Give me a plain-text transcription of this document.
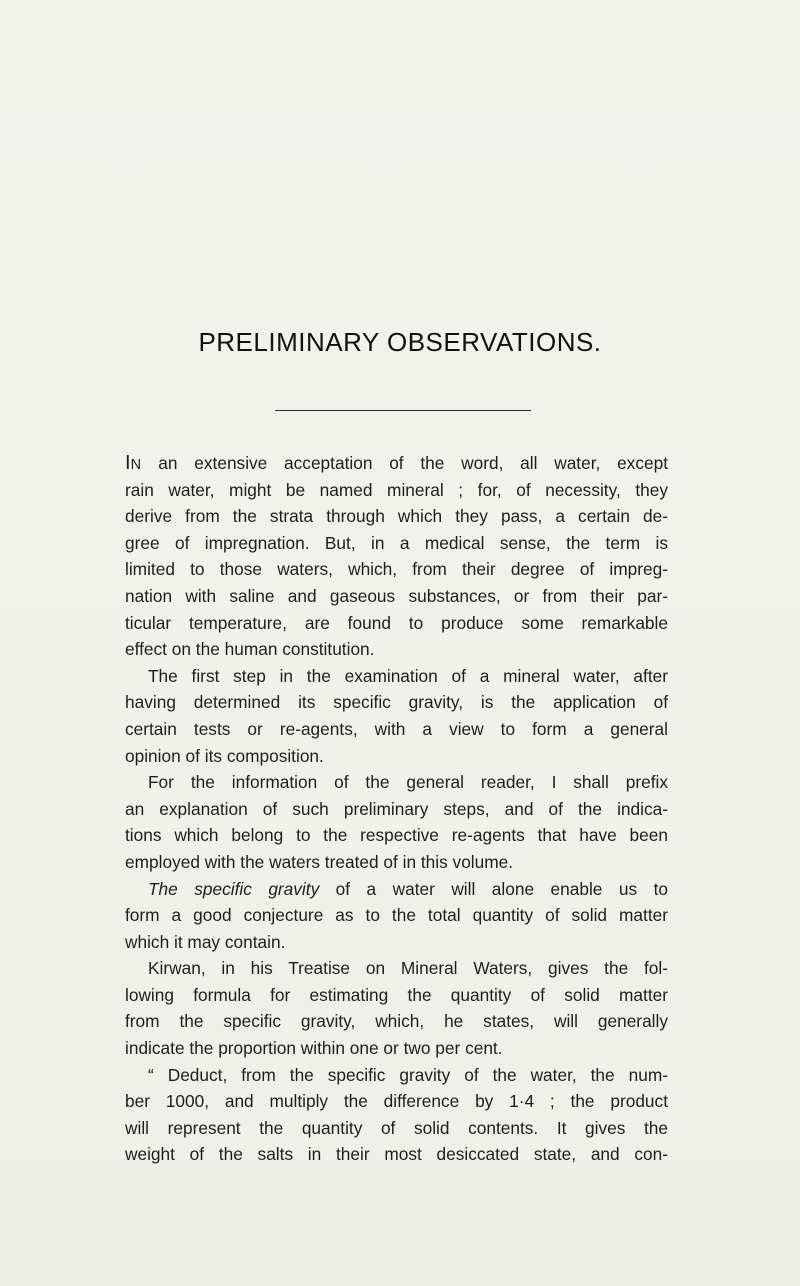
PRELIMINARY OBSERVATIONS.
IN an extensive acceptation of the word, all water, except
rain water, might be named mineral ; for, of necessity, they
derive from the strata through which they pass, a certain de-
gree of impregnation. But, in a medical sense, the term is
limited to those waters, which, from their degree of impreg-
nation with saline and gaseous substances, or from their par-
ticular temperature, are found to produce some remarkable
effect on the human constitution.
The first step in the examination of a mineral water, after
having determined its specific gravity, is the application of
certain tests or re-agents, with a view to form a general
opinion of its composition.
For the information of the general reader, I shall prefix
an explanation of such preliminary steps, and of the indica-
tions which belong to the respective re-agents that have been
employed with the waters treated of in this volume.
The specific gravity of a water will alone enable us to
form a good conjecture as to the total quantity of solid matter
which it may contain.
Kirwan, in his Treatise on Mineral Waters, gives the fol-
lowing formula for estimating the quantity of solid matter
from the specific gravity, which, he states, will generally
indicate the proportion within one or two per cent.
“ Deduct, from the specific gravity of the water, the num-
ber 1000, and multiply the difference by 1·4 ; the product
will represent the quantity of solid contents. It gives the
weight of the salts in their most desiccated state, and con-
